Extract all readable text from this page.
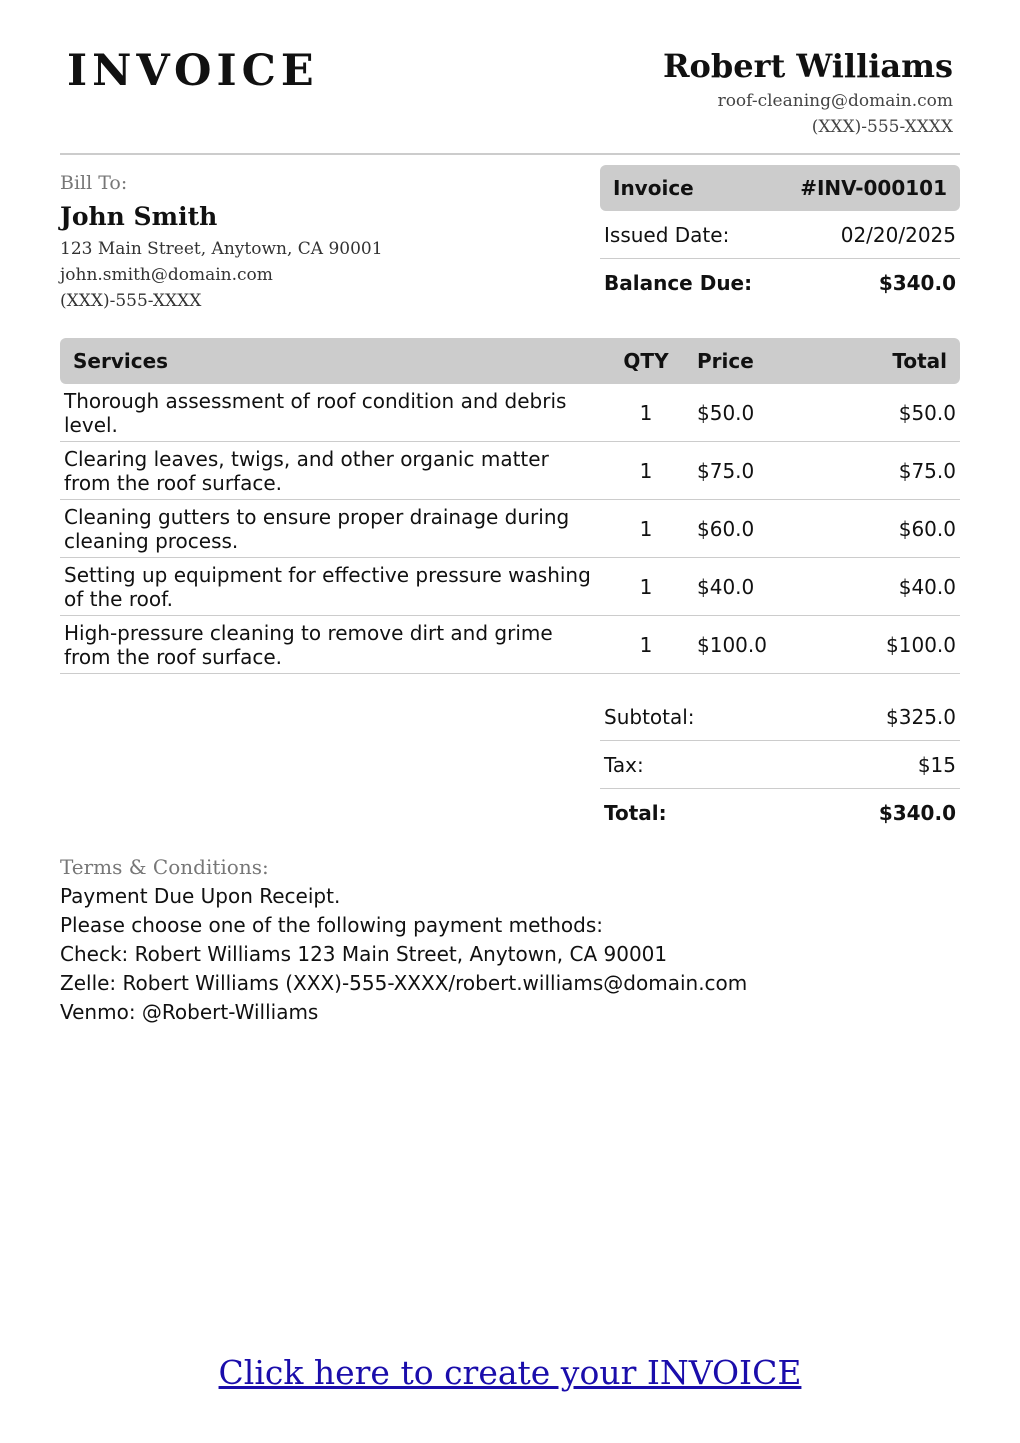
INVOICE	Robert Williams
roof-cleaning@domain.com
(XXX)-555-XXXX
Bill To:
John Smith
123 Main Street, Anytown, CA 90001
john.smith@domain.com
(XXX)-555-XXXX
Invoice	#INV-000101
Issued Date:	02/20/2025
Balance Due:	$340.0
Services	QTY	Price	Total
Thorough assessment of roof condition and debris level.	1	$50.0	$50.0
Clearing leaves, twigs, and other organic matter from the roof surface.	1	$75.0	$75.0
Cleaning gutters to ensure proper drainage during cleaning process.	1	$60.0	$60.0
Setting up equipment for effective pressure washing of the roof.	1	$40.0	$40.0
High-pressure cleaning to remove dirt and grime from the roof surface.	1	$100.0	$100.0
Subtotal:	$325.0
Tax:	$15
Total:	$340.0
Terms & Conditions:
Payment Due Upon Receipt.
Please choose one of the following payment methods:
Check: Robert Williams 123 Main Street, Anytown, CA 90001
Zelle: Robert Williams (XXX)-555-XXXX/robert.williams@domain.com
Venmo: @Robert-Williams
Click here to create your INVOICE
